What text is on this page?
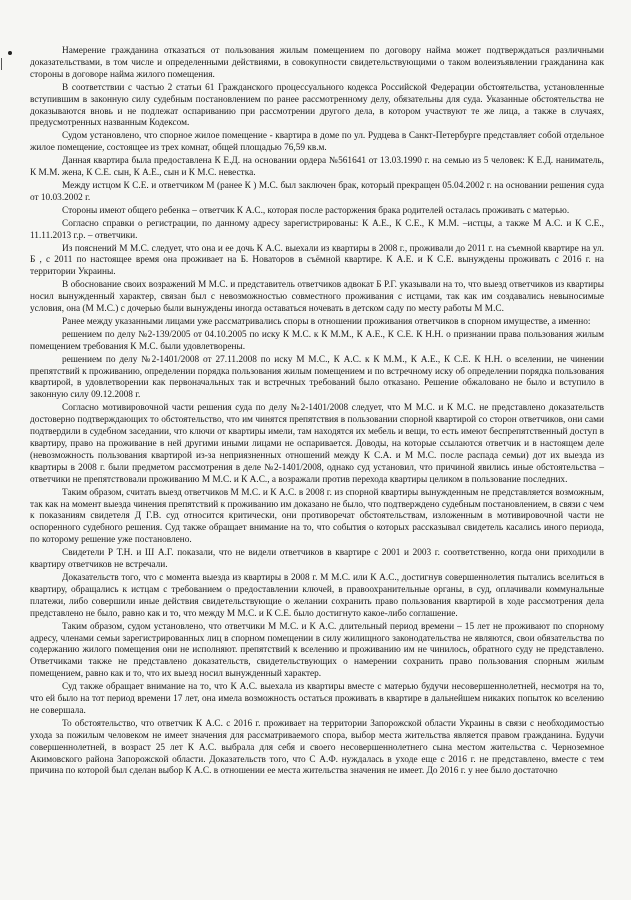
Намерение гражданина отказаться от пользования жилым помещением по договору найма может подтверждаться различными доказательствами, в том числе и определенными действиями, в совокупности свидетельствующими о таком волеизъявлении гражданина как стороны в договоре найма жилого помещения.

В соответствии с частью 2 статьи 61 Гражданского процессуального кодекса Российской Федерации обстоятельства, установленные вступившим в законную силу судебным постановлением по ранее рассмотренному делу, обязательны для суда. Указанные обстоятельства не доказываются вновь и не подлежат оспариванию при рассмотрении другого дела, в котором участвуют те же лица, а также в случаях, предусмотренных названным Кодексом.

Судом установлено, что спорное жилое помещение - квартира в доме по ул. Рудцева в Санкт-Петербурге представляет собой отдельное жилое помещение, состоящее из трех комнат, общей площадью 76,59 кв.м.

Данная квартира была предоставлена К Е.Д. на основании ордера №561641 от 13.03.1990 г. на семью из 5 человек: К Е.Д. наниматель, К М.М. жена, К С.Е. сын, К А.Е., сын и К М.С. невестка.

Между истцом К С.Е. и ответчиком М (ранее К ) М.С. был заключен брак, который прекращен 05.04.2002 г. на основании решения суда от 10.03.2002 г.

Стороны имеют общего ребенка – ответчик К А.С., которая после расторжения брака родителей осталась проживать с матерью.

Согласно справки о регистрации, по данному адресу зарегистрированы: К А.Е., К С.Е., К М.М. –истцы, а также М А.С. и К С.Е., 11.11.2013 г.р. – ответчики.

Из пояснений М М.С. следует, что она и ее дочь К А.С. выехали из квартиры в 2008 г., проживали до 2011 г. на съемной квартире на ул. Б , с 2011 по настоящее время она проживает на Б. Новаторов в съёмной квартире. К А.Е. и К С.Е. вынуждены проживать с 2016 г. на территории Украины.

В обоснование своих возражений М М.С. и представитель ответчиков адвокат Б Р.Г. указывали на то, что выезд ответчиков из квартиры носил вынужденный характер, связан был с невозможностью совместного проживания с истцами, так как им создавались невыносимые условия, она (М М.С.) с дочерью были вынуждены иногда оставаться ночевать в детском саду по месту работы М М.С.

Ранее между указанными лицами уже рассматривались споры в отношении проживания ответчиков в спорном имуществе, а именно:

решением по делу №2-139/2005 от 04.10.2005 по иску К М.С. к К М.М., К А.Е., К С.Е. К Н.Н. о признании права пользования жилым помещением требования К М.С. были удовлетворены.

решением по делу №2-1401/2008 от 27.11.2008 по иску М М.С., К А.С. к К М.М., К А.Е., К С.Е. К Н.Н. о вселении, не чинении препятствий к проживанию, определении порядка пользования жилым помещением и по встречному иску об определении порядка пользования квартирой, в удовлетворении как первоначальных так и встречных требований было отказано. Решение обжаловано не было и вступило в законную силу 09.12.2008 г.

Согласно мотивировочной части решения суда по делу №2-1401/2008 следует, что М М.С. и К М.С. не представлено доказательств достоверно подтверждающих то обстоятельство, что им чинятся препятствия в пользовании спорной квартирой со сторон ответчиков, они сами подтвердили в судебном заседании, что ключи от квартиры имели, там находятся их мебель и вещи, то есть имеют беспрепятственный доступ в квартиру, право на проживание в ней другими иными лицами не оспаривается. Доводы, на которые ссылаются ответчик и в настоящем деле (невозможность пользования квартирой из-за неприязненных отношений между К С.А. и М М.С. после распада семьи) дот их выезда из квартиры в 2008 г. были предметом рассмотрения в деле №2-1401/2008, однако суд установил, что причиной явились иные обстоятельства – ответчики не препятствовали проживанию М М.С. и К А.С., а возражали против перехода квартиры целиком в пользование последних.

Таким образом, считать выезд ответчиков М М.С. и К А.С. в 2008 г. из спорной квартиры вынужденным не представляется возможным, так как на момент выезда чинения препятствий к проживанию им доказано не было, что подтверждено судебным постановлением, в связи с чем к показаниям свидетеля Д Г.В. суд относится критически, они противоречат обстоятельствам, изложенным в мотивировочной части не оспоренного судебного решения. Суд также обращает внимание на то, что события о которых рассказывал свидетель касались иного периода, по которому решение уже постановлено.

Свидетели Р Т.Н. и Ш А.Г. показали, что не видели ответчиков в квартире с 2001 и 2003 г. соответственно, когда они приходили в квартиру ответчиков не встречали.

Доказательств того, что с момента выезда из квартиры в 2008 г. М М.С. или К А.С., достигнув совершеннолетия пытались вселиться в квартиру, обращались к истцам с требованием о предоставлении ключей, в правоохранительные органы, в суд, оплачивали коммунальные платежи, либо совершили иные действия свидетельствующие о желании сохранить право пользования квартирой в ходе рассмотрения дела представлено не было, равно как и то, что между М М.С. и К С.Е. было достигнуто какое-либо соглашение.

Таким образом, судом установлено, что ответчики М М.С. и К А.С. длительный период времени – 15 лет не проживают по спорному адресу, членами семьи зарегистрированных лиц в спорном помещении в силу жилищного законодательства не являются, свои обязательства по содержанию жилого помещения они не исполняют. препятствий к вселению и проживанию им не чинилось, обратного суду не представлено. Ответчиками также не представлено доказательств, свидетельствующих о намерении сохранить право пользования спорным жилым помещением, равно как и то, что их выезд носил вынужденный характер.

Суд также обращает внимание на то, что К А.С. выехала из квартиры вместе с матерью будучи несовершеннолетней, несмотря на то, что ей было на тот период времени 17 лет, она имела возможность остаться проживать в квартире в дальнейшем никаких попыток ко вселению не совершала.

То обстоятельство, что ответчик К А.С. с 2016 г. проживает на территории Запорожской области Украины в связи с необходимостью ухода за пожилым человеком не имеет значения для рассматриваемого спора, выбор места жительства является правом гражданина. Будучи совершеннолетней, в возраст 25 лет К А.С. выбрала для себя и своего несовершеннолетнего сына местом жительства с. Черноземное Акимовского района Запорожской области. Доказательств того, что С А.Ф. нуждалась в уходе еще с 2016 г. не представлено, вместе с тем причина по которой был сделан выбор К А.С. в отношении ее места жительства значения не имеет. До 2016 г. у нее было достаточно
